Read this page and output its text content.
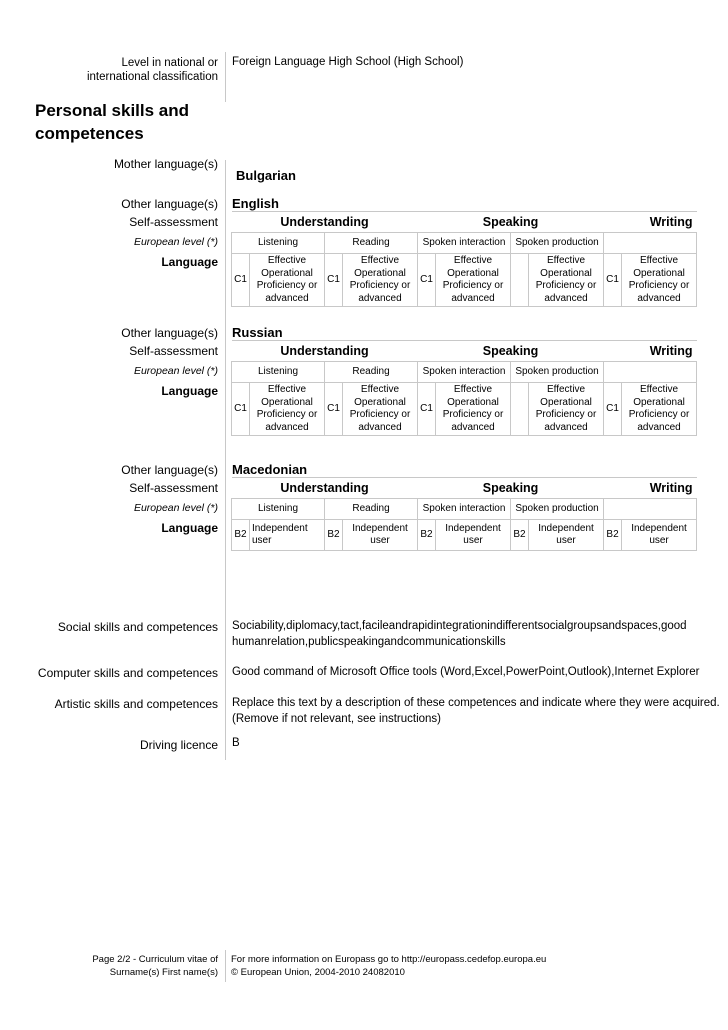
Level in national or international classification
Foreign Language High School (High School)
Personal skills and competences
Mother language(s)
Bulgarian
Other language(s) English
Self-assessment
European level (*)
Language
Understanding				Speaking				Writing	
Listening		Reading		Spoken interaction		Spoken production			
C1	Effective Operational Proficiency or advanced	C1	Effective Operational Proficiency or advanced	C1	Effective Operational Proficiency or advanced		Effective Operational Proficiency or advanced	C1	Effective Operational Proficiency or advanced
Other language(s) Russian
Self-assessment
European level (*)
Language
Understanding				Speaking				Writing	
Listening		Reading		Spoken interaction		Spoken production			
C1	Effective Operational Proficiency or advanced	C1	Effective Operational Proficiency or advanced	C1	Effective Operational Proficiency or advanced		Effective Operational Proficiency or advanced	C1	Effective Operational Proficiency or advanced
Other language(s) Macedonian
Self-assessment
European level (*)
Language
Understanding				Speaking				Writing	
Listening		Reading		Spoken interaction		Spoken production			
B2	Independent user	B2	Independent user	B2	Independent user	B2	Independent user	B2	Independent user
Social skills and competences Sociability,diplomacy,tact,facileandrapidintegrationindifferentsocialgroupsandspaces,goodhumanrelation,publicspeakingandcommunicationskills
Computer skills and competences Good command of Microsoft Office tools (Word,Excel,PowerPoint,Outlook),Internet Explorer
Artistic skills and competences Replace this text by a description of these competences and indicate where they were acquired.
(Remove if not relevant, see instructions)
Driving licence B
Page 2/2 - Curriculum vitae of
Surname(s) First name(s)
For more information on Europass go to http://europass.cedefop.europa.eu
© European Union, 2004-2010 24082010
